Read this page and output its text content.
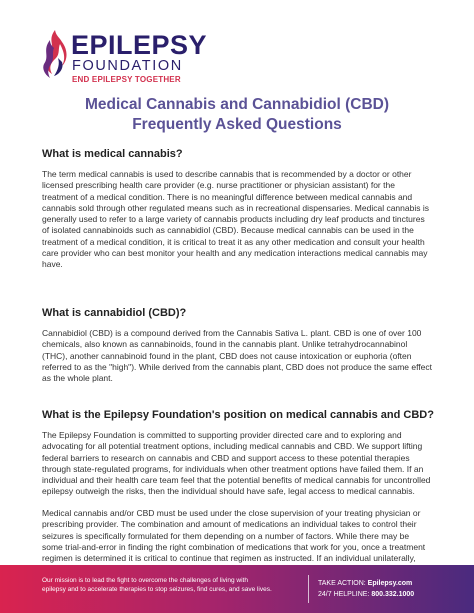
EPILEPSY
FOUNDATION
END EPILEPSY TOGETHER
Medical Cannabis and Cannabidiol (CBD)
Frequently Asked Questions
What is medical cannabis?

The term medical cannabis is used to describe cannabis that is recommended by a doctor or other licensed prescribing health care provider (e.g. nurse practitioner or physician assistant) for the treatment of a medical condition. There is no meaningful difference between medical cannabis and cannabis sold through other regulated means such as in recreational dispensaries. Medical cannabis is generally used to refer to a large variety of cannabis products including dry leaf products and tinctures of isolated cannabinoids such as cannabidiol (CBD). Because medical cannabis can be used in the treatment of a medical condition, it is critical to treat it as any other medication and consult your health care provider who can best monitor your health and any medication interactions medical cannabis may have.

What is cannabidiol (CBD)?

Cannabidiol (CBD) is a compound derived from the Cannabis Sativa L. plant. CBD is one of over 100 chemicals, also known as cannabinoids, found in the cannabis plant. Unlike tetrahydrocannabinol (THC), another cannabinoid found in the plant, CBD does not cause intoxication or euphoria (often referred to as the "high"). While derived from the cannabis plant, CBD does not produce the same effect as the whole plant.

What is the Epilepsy Foundation's position on medical cannabis and CBD?

The Epilepsy Foundation is committed to supporting provider directed care and to exploring and advocating for all potential treatment options, including medical cannabis and CBD. We support lifting federal barriers to research on cannabis and CBD and support access to these potential therapies through state-regulated programs, for individuals when other treatment options have failed them. If an individual and their health care team feel that the potential benefits of medical cannabis for uncontrolled epilepsy outweigh the risks, then the individual should have safe, legal access to medical cannabis.

Medical cannabis and/or CBD must be used under the close supervision of your treating physician or prescribing provider. The combination and amount of medications an individual takes to control their seizures is specifically formulated for them depending on a number of factors. While there may be some trial-and-error in finding the right combination of medications that work for you, once a treatment regimen is determined it is critical to continue that regimen as instructed. If an individual unilaterally,

Our mission is to lead the fight to overcome the challenges of living with epilepsy and to accelerate therapies to stop seizures, find cures, and save lives.
TAKE ACTION: Epilepsy.com
24/7 HELPLINE: 800.332.1000
